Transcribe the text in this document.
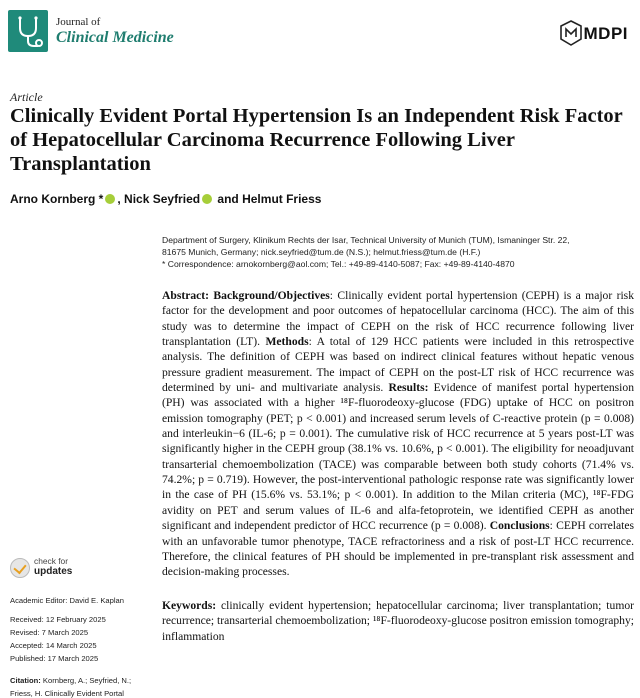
Journal of
Clinical Medicine	MDPI
Article
Clinically Evident Portal Hypertension Is an Independent Risk Factor of Hepatocellular Carcinoma Recurrence Following Liver Transplantation
Arno Kornberg * , Nick Seyfried and Helmut Friess
Department of Surgery, Klinikum Rechts der Isar, Technical University of Munich (TUM), Ismaninger Str. 22,
81675 Munich, Germany; nick.seyfried@tum.de (N.S.); helmut.friess@tum.de (H.F.)
* Correspondence: arnokornberg@aol.com; Tel.: +49-89-4140-5087; Fax: +49-89-4140-4870

Abstract: Background/Objectives: Clinically evident portal hypertension (CEPH) is a major risk factor for the development and poor outcomes of hepatocellular carcinoma (HCC). The aim of this study was to determine the impact of CEPH on the risk of HCC recurrence following liver transplantation (LT). Methods: A total of 129 HCC patients were included in this retrospective analysis. The definition of CEPH was based on indirect clinical features without hepatic venous pressure gradient measurement. The impact of CEPH on the post-LT risk of HCC recurrence was determined by uni- and multivariate analysis. Results: Evidence of manifest portal hypertension (PH) was associated with a higher ¹⁸F-fluorodeoxy-glucose (FDG) uptake of HCC on positron emission tomography (PET; p < 0.001) and increased serum levels of C-reactive protein (p = 0.008) and interleukin−6 (IL-6; p = 0.001). The cumulative risk of HCC recurrence at 5 years post-LT was significantly higher in the CEPH group (38.1% vs. 10.6%, p < 0.001). The eligibility for neoadjuvant transarterial chemoembolization (TACE) was comparable between both study cohorts (71.4% vs. 74.2%; p = 0.719). However, the post-interventional pathologic response rate was significantly lower in the case of PH (15.6% vs. 53.1%; p < 0.001). In addition to the Milan criteria (MC), ¹⁸F-FDG avidity on PET and serum values of IL-6 and alfa-fetoprotein, we identified CEPH as another significant and independent predictor of HCC recurrence (p = 0.008). Conclusions: CEPH correlates with an unfavorable tumor phenotype, TACE refractoriness and a risk of post-LT HCC recurrence. Therefore, the clinical features of PH should be implemented in pre-transplant risk assessment and decision-making processes.

Keywords: clinically evident hypertension; hepatocellular carcinoma; liver transplantation; tumor recurrence; transarterial chemoembolization; ¹⁸F-fluorodeoxy-glucose positron emission tomography; inflammation

check for
updates
Academic Editor: David E. Kaplan
Received: 12 February 2025
Revised: 7 March 2025
Accepted: 14 March 2025
Published: 17 March 2025
Citation: Kornberg, A.; Seyfried, N.;
Friess, H. Clinically Evident Portal
